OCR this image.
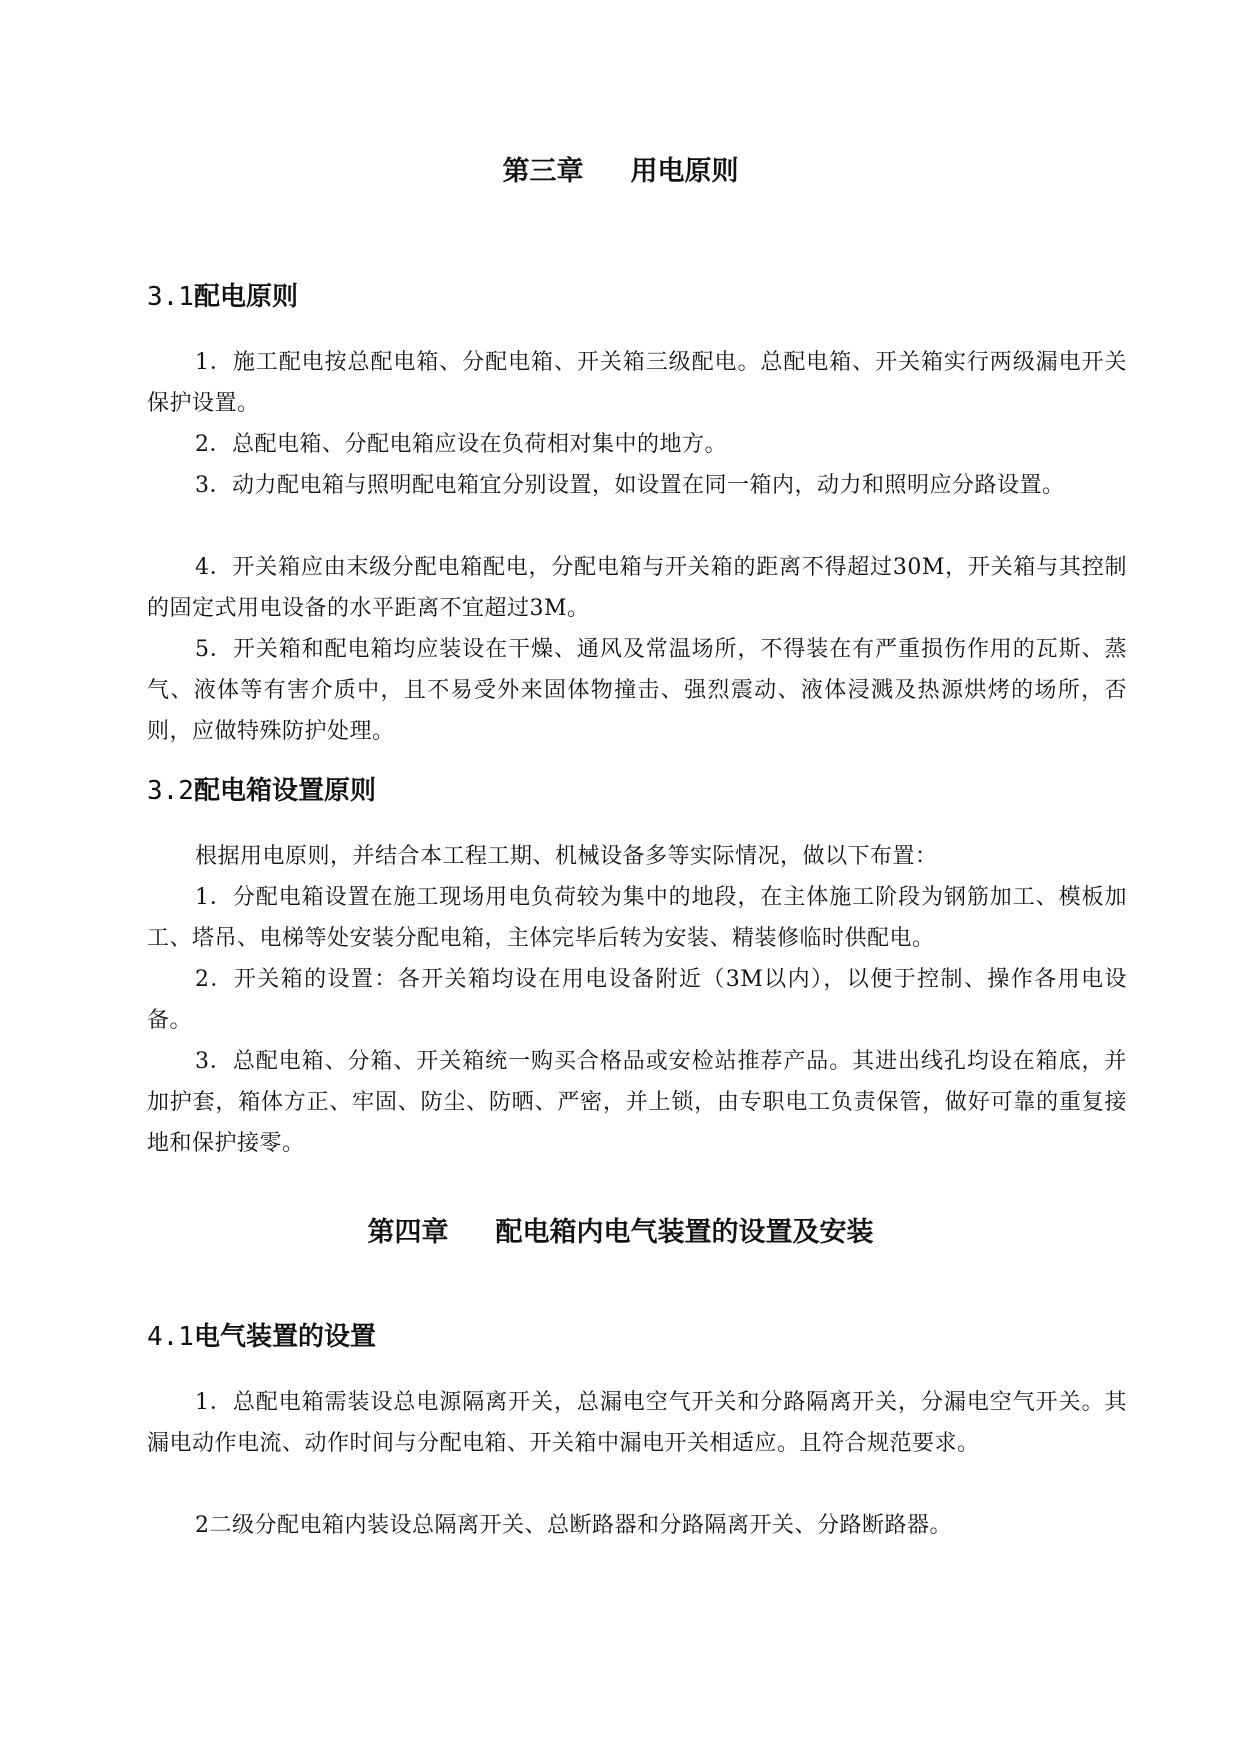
第三章     用电原则
3.1配电原则

1．施工配电按总配电箱、分配电箱、开关箱三级配电。总配电箱、开关箱实行两级漏电开关保护设置。

2．总配电箱、分配电箱应设在负荷相对集中的地方。

3．动力配电箱与照明配电箱宜分别设置，如设置在同一箱内，动力和照明应分路设置。

4．开关箱应由末级分配电箱配电，分配电箱与开关箱的距离不得超过30M，开关箱与其控制的固定式用电设备的水平距离不宜超过3M。

5．开关箱和配电箱均应装设在干燥、通风及常温场所，不得装在有严重损伤作用的瓦斯、蒸气、液体等有害介质中，且不易受外来固体物撞击、强烈震动、液体浸溅及热源烘烤的场所，否则，应做特殊防护处理。

3.2配电箱设置原则

根据用电原则，并结合本工程工期、机械设备多等实际情况，做以下布置：

1．分配电箱设置在施工现场用电负荷较为集中的地段，在主体施工阶段为钢筋加工、模板加工、塔吊、电梯等处安装分配电箱，主体完毕后转为安装、精装修临时供配电。

2．开关箱的设置：各开关箱均设在用电设备附近（3M以内），以便于控制、操作各用电设备。

3．总配电箱、分箱、开关箱统一购买合格品或安检站推荐产品。其进出线孔均设在箱底，并加护套，箱体方正、牢固、防尘、防晒、严密，并上锁，由专职电工负责保管，做好可靠的重复接地和保护接零。

第四章     配电箱内电气装置的设置及安装
4.1电气装置的设置

1．总配电箱需装设总电源隔离开关，总漏电空气开关和分路隔离开关，分漏电空气开关。其漏电动作电流、动作时间与分配电箱、开关箱中漏电开关相适应。且符合规范要求。

2二级分配电箱内装设总隔离开关、总断路器和分路隔离开关、分路断路器。
